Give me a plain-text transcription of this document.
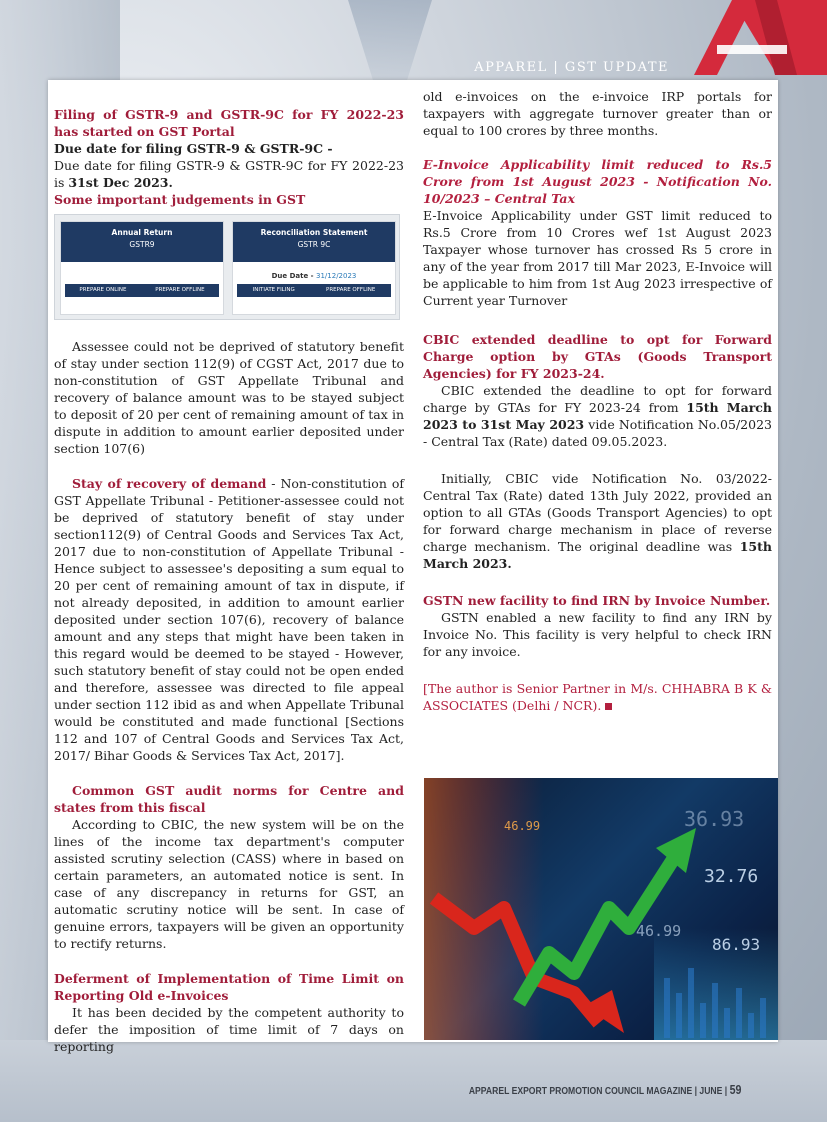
APPAREL | GST UPDATE

Filing of GSTR-9 and GSTR-9C for FY 2022-23 has started on GST Portal

Due date for filing GSTR-9 & GSTR-9C -

Due date for filing GSTR-9 & GSTR-9C for FY 2022-23 is 31st Dec 2023.

Some important judgements in GST

Annual Return
GSTR9
PREPARE ONLINE	PREPARE OFFLINE
Reconciliation Statement
GSTR 9C
Due Date - 31/12/2023
INITIATE FILING	PREPARE OFFLINE

Assessee could not be deprived of statutory benefit of stay under section 112(9) of CGST Act, 2017 due to non-constitution of GST Appellate Tribunal and recovery of balance amount was to be stayed subject to deposit of 20 per cent of remaining amount of tax in dispute in addition to amount earlier deposited under section 107(6)

Stay of recovery of demand - Non-constitution of GST Appellate Tribunal - Petitioner-assessee could not be deprived of statutory benefit of stay under section112(9) of Central Goods and Services Tax Act, 2017 due to non-constitution of Appellate Tribunal - Hence subject to assessee's depositing a sum equal to 20 per cent of remaining amount of tax in dispute, if not already deposited, in addition to amount earlier deposited under section 107(6), recovery of balance amount and any steps that might have been taken in this regard would be deemed to be stayed - However, such statutory benefit of stay could not be open ended and therefore, assessee was directed to file appeal under section 112 ibid as and when Appellate Tribunal would be constituted and made functional [Sections 112 and 107 of Central Goods and Services Tax Act, 2017/ Bihar Goods & Services Tax Act, 2017].

Common GST audit norms for Centre and states from this fiscal

According to CBIC, the new system will be on the lines of the income tax department's computer assisted scrutiny selection (CASS) where in based on certain parameters, an automated notice is sent. In case of any discrepancy in returns for GST, an automatic scrutiny notice will be sent. In case of genuine errors, taxpayers will be given an opportunity to rectify returns.

Deferment of Implementation of Time Limit on Reporting Old e-Invoices

It has been decided by the competent authority to defer the imposition of time limit of 7 days on reporting

old e-invoices on the e-invoice IRP portals for taxpayers with aggregate turnover greater than or equal to 100 crores by three months.

E-Invoice Applicability limit reduced to Rs.5 Crore from 1st August 2023 - Notification No. 10/2023 – Central Tax

E-Invoice Applicability under GST limit reduced to Rs.5 Crore from 10 Crores wef 1st August 2023 Taxpayer whose turnover has crossed Rs 5 crore in any of the year from 2017 till Mar 2023, E-Invoice will be applicable to him from 1st Aug 2023 irrespective of Current year Turnover

CBIC extended deadline to opt for Forward Charge option by GTAs (Goods Transport Agencies) for FY 2023-24.

CBIC extended the deadline to opt for forward charge by GTAs for FY 2023-24 from 15th March 2023 to 31st May 2023 vide Notification No.05/2023 - Central Tax (Rate) dated 09.05.2023.

Initially, CBIC vide Notification No. 03/2022-Central Tax (Rate) dated 13th July 2022, provided an option to all GTAs (Goods Transport Agencies) to opt for forward charge mechanism in place of reverse charge mechanism. The original deadline was 15th March 2023.

GSTN new facility to find IRN by Invoice Number.

GSTN enabled a new facility to find any IRN by Invoice No. This facility is very helpful to check IRN for any invoice.

[The author is Senior Partner in M/s. CHHABRA B K & ASSOCIATES (Delhi / NCR).

46.99
32.76
46.99
86.93
36.93
APPAREL EXPORT PROMOTION COUNCIL MAGAZINE | JUNE | 59
